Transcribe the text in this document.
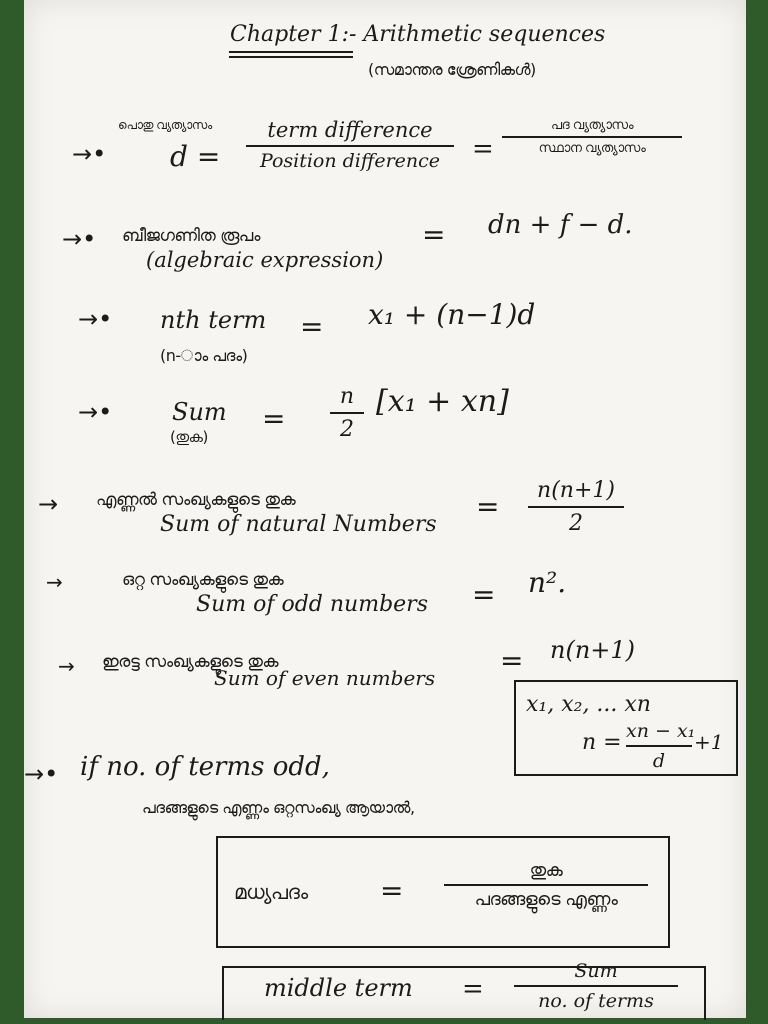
Chapter 1:- Arithmetic sequences
(സമാന്തര ശ്രേണികൾ)
→•
പൊതു വ്യത്യാസം
d =
term difference
Position difference	=
പദ വ്യത്യാസം
സ്ഥാന വ്യത്യാസം
→• ബീജഗണിത രൂപം
(algebraic expression)
= dn + f − d.
→• nth term
(n-ാം പദം)
= x₁ + (n−1)d
→• Sum
(തുക)
=
n
2
[x₁ + xn]
→ എണ്ണൽ സംഖ്യകളുടെ തുക
Sum of natural Numbers
=	n(n+1)
2
→	ഒറ്റ സംഖ്യകളുടെ തുക
Sum of odd numbers = n².
→ ഇരട്ട സംഖ്യകളുടെ തുക
Sum of even numbers
= n(n+1)
x₁, x₂, ... xn
n = xn − x₁
d
+1
→• if no. of terms odd,
പദങ്ങളുടെ എണ്ണം ഒറ്റസംഖ്യ ആയാൽ,
മധ്യപദം	=
തുക
പദങ്ങളുടെ എണ്ണം
middle term =
Sum
no. of terms
